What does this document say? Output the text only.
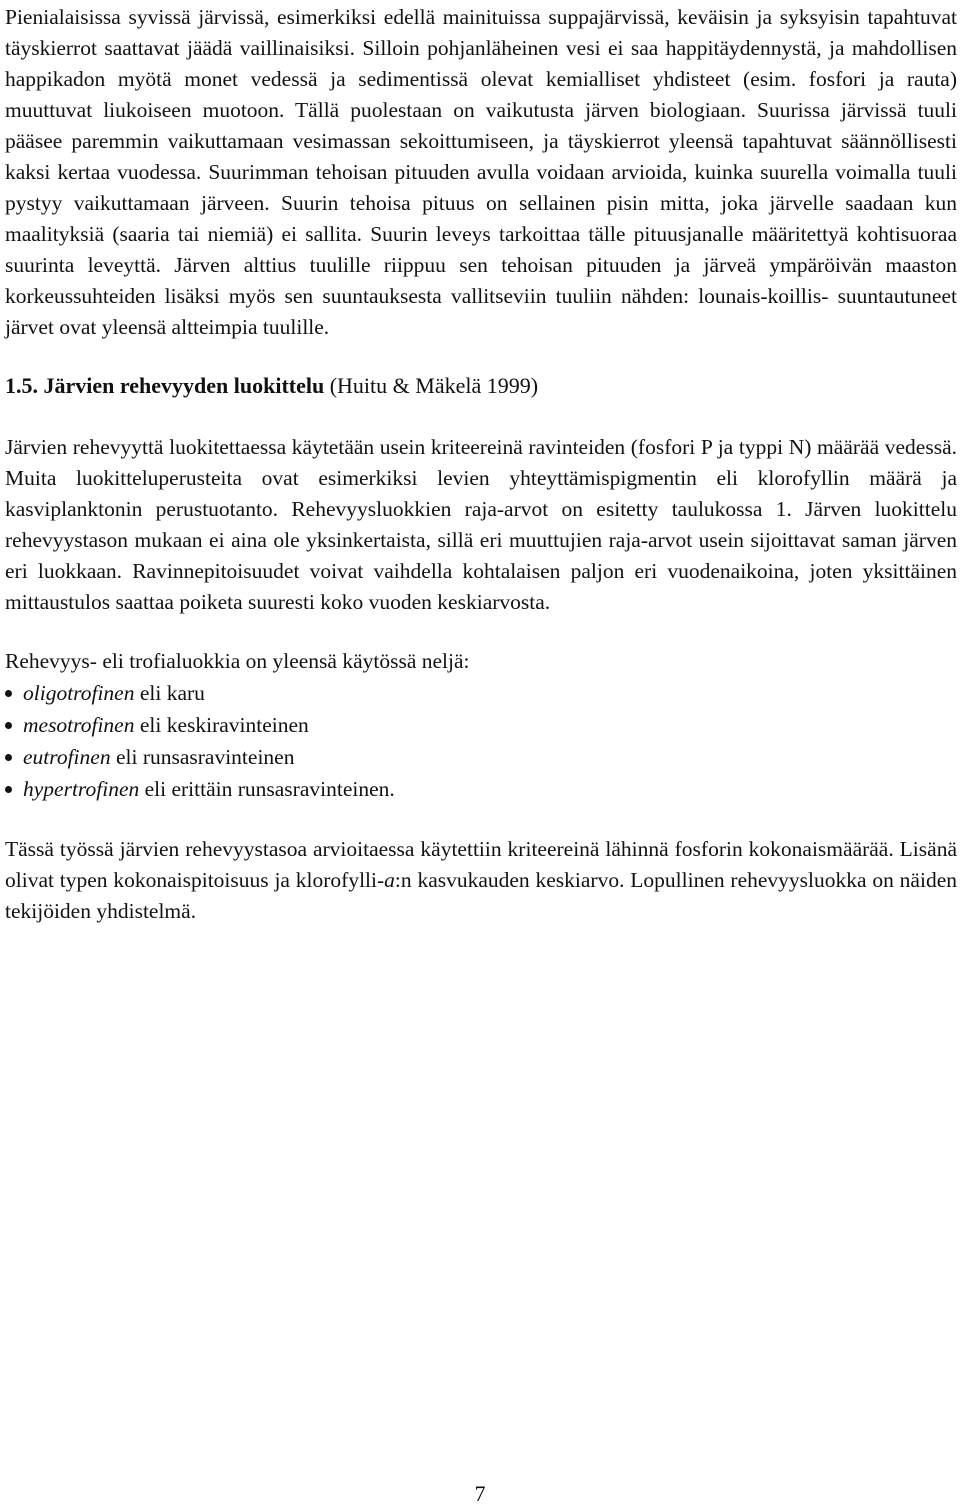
Pienialaisissa syvissä järvissä, esimerkiksi edellä mainituissa suppajärvissä, keväisin ja syksyisin tapahtuvat täyskierrot saattavat jäädä vaillinaisiksi. Silloin pohjanläheinen vesi ei saa happitäydennystä, ja mahdollisen happikadon myötä monet vedessä ja sedimentissä olevat kemialliset yhdisteet (esim. fosfori ja rauta) muuttuvat liukoiseen muotoon. Tällä puolestaan on vaikutusta järven biologiaan. Suurissa järvissä tuuli pääsee paremmin vaikuttamaan vesimassan sekoittumiseen, ja täyskierrot yleensä tapahtuvat säännöllisesti kaksi kertaa vuodessa. Suurimman tehoisan pituuden avulla voidaan arvioida, kuinka suurella voimalla tuuli pystyy vaikuttamaan järveen. Suurin tehoisa pituus on sellainen pisin mitta, joka järvelle saadaan kun maalityksiä (saaria tai niemiä) ei sallita. Suurin leveys tarkoittaa tälle pituusjanalle määritettyä kohtisuoraa suurinta leveyttä. Järven alttius tuulille riippuu sen tehoisan pituuden ja järveä ympäröivän maaston korkeussuhteiden lisäksi myös sen suuntauksesta vallitseviin tuuliin nähden: lounais-koillis- suuntautuneet järvet ovat yleensä altteimpia tuulille.

1.5. Järvien rehevyyden luokittelu (Huitu & Mäkelä 1999)

Järvien rehevyyttä luokitettaessa käytetään usein kriteereinä ravinteiden (fosfori P ja typpi N) määrää vedessä. Muita luokitteluperusteita ovat esimerkiksi levien yhteyttämispigmentin eli klorofyllin määrä ja kasviplanktonin perustuotanto. Rehevyysluokkien raja-arvot on esitetty taulukossa 1. Järven luokittelu rehevyystason mukaan ei aina ole yksinkertaista, sillä eri muuttujien raja-arvot usein sijoittavat saman järven eri luokkaan. Ravinnepitoisuudet voivat vaihdella kohtalaisen paljon eri vuodenaikoina, joten yksittäinen mittaustulos saattaa poiketa suuresti koko vuoden keskiarvosta.

Rehevyys- eli trofialuokkia on yleensä käytössä neljä:

oligotrofinen eli karu
mesotrofinen eli keskiravinteinen
eutrofinen eli runsasravinteinen
hypertrofinen eli erittäin runsasravinteinen.

Tässä työssä järvien rehevyystasoa arvioitaessa käytettiin kriteereinä lähinnä fosforin kokonaismäärää. Lisänä olivat typen kokonaispitoisuus ja klorofylli-a:n kasvukauden keskiarvo. Lopullinen rehevyysluokka on näiden tekijöiden yhdistelmä.

7
